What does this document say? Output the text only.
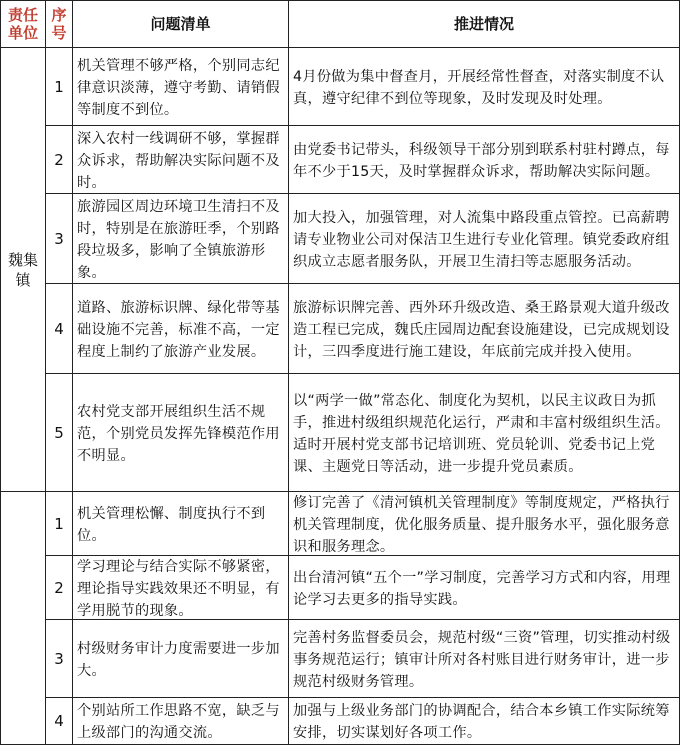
责任单位
序号	问题清单	推进情况
魏集镇
1
机关管理不够严格，个别同志纪律意识淡薄，遵守考勤、请销假等制度不到位。
4月份做为集中督查月，开展经常性督查，对落实制度不认真，遵守纪律不到位等现象，及时发现及时处理。
2
深入农村一线调研不够，掌握群众诉求，帮助解决实际问题不及时。
由党委书记带头，科级领导干部分别到联系村驻村蹲点，每年不少于15天，及时掌握群众诉求，帮助解决实际问题。
3
旅游园区周边环境卫生清扫不及时，特别是在旅游旺季，个别路段垃圾多，影响了全镇旅游形象。
加大投入，加强管理，对人流集中路段重点管控。已高薪聘请专业物业公司对保洁卫生进行专业化管理。镇党委政府组织成立志愿者服务队，开展卫生清扫等志愿服务活动。
4
道路、旅游标识牌、绿化带等基础设施不完善，标准不高，一定程度上制约了旅游产业发展。
旅游标识牌完善、西外环升级改造、桑王路景观大道升级改造工程已完成，魏氏庄园周边配套设施建设，已完成规划设计，三四季度进行施工建设，年底前完成并投入使用。
5
农村党支部开展组织生活不规范，个别党员发挥先锋模范作用不明显。
以“两学一做”常态化、制度化为契机，以民主议政日为抓手，推进村级组织规范化运行，严肃和丰富村级组织生活。适时开展村党支部书记培训班、党员轮训、党委书记上党课、主题党日等活动，进一步提升党员素质。
1
机关管理松懈、制度执行不到位。
修订完善了《清河镇机关管理制度》等制度规定，严格执行机关管理制度，优化服务质量、提升服务水平，强化服务意识和服务理念。
2
学习理论与结合实际不够紧密，理论指导实践效果还不明显，有学用脱节的现象。
出台清河镇“五个一”学习制度，完善学习方式和内容，用理论学习去更多的指导实践。
3
村级财务审计力度需要进一步加大。
完善村务监督委员会，规范村级“三资”管理，切实推动村级事务规范运行；镇审计所对各村账目进行财务审计，进一步规范村级财务管理。
4
个别站所工作思路不宽，缺乏与上级部门的沟通交流。
加强与上级业务部门的协调配合，结合本乡镇工作实际统筹安排，切实谋划好各项工作。
